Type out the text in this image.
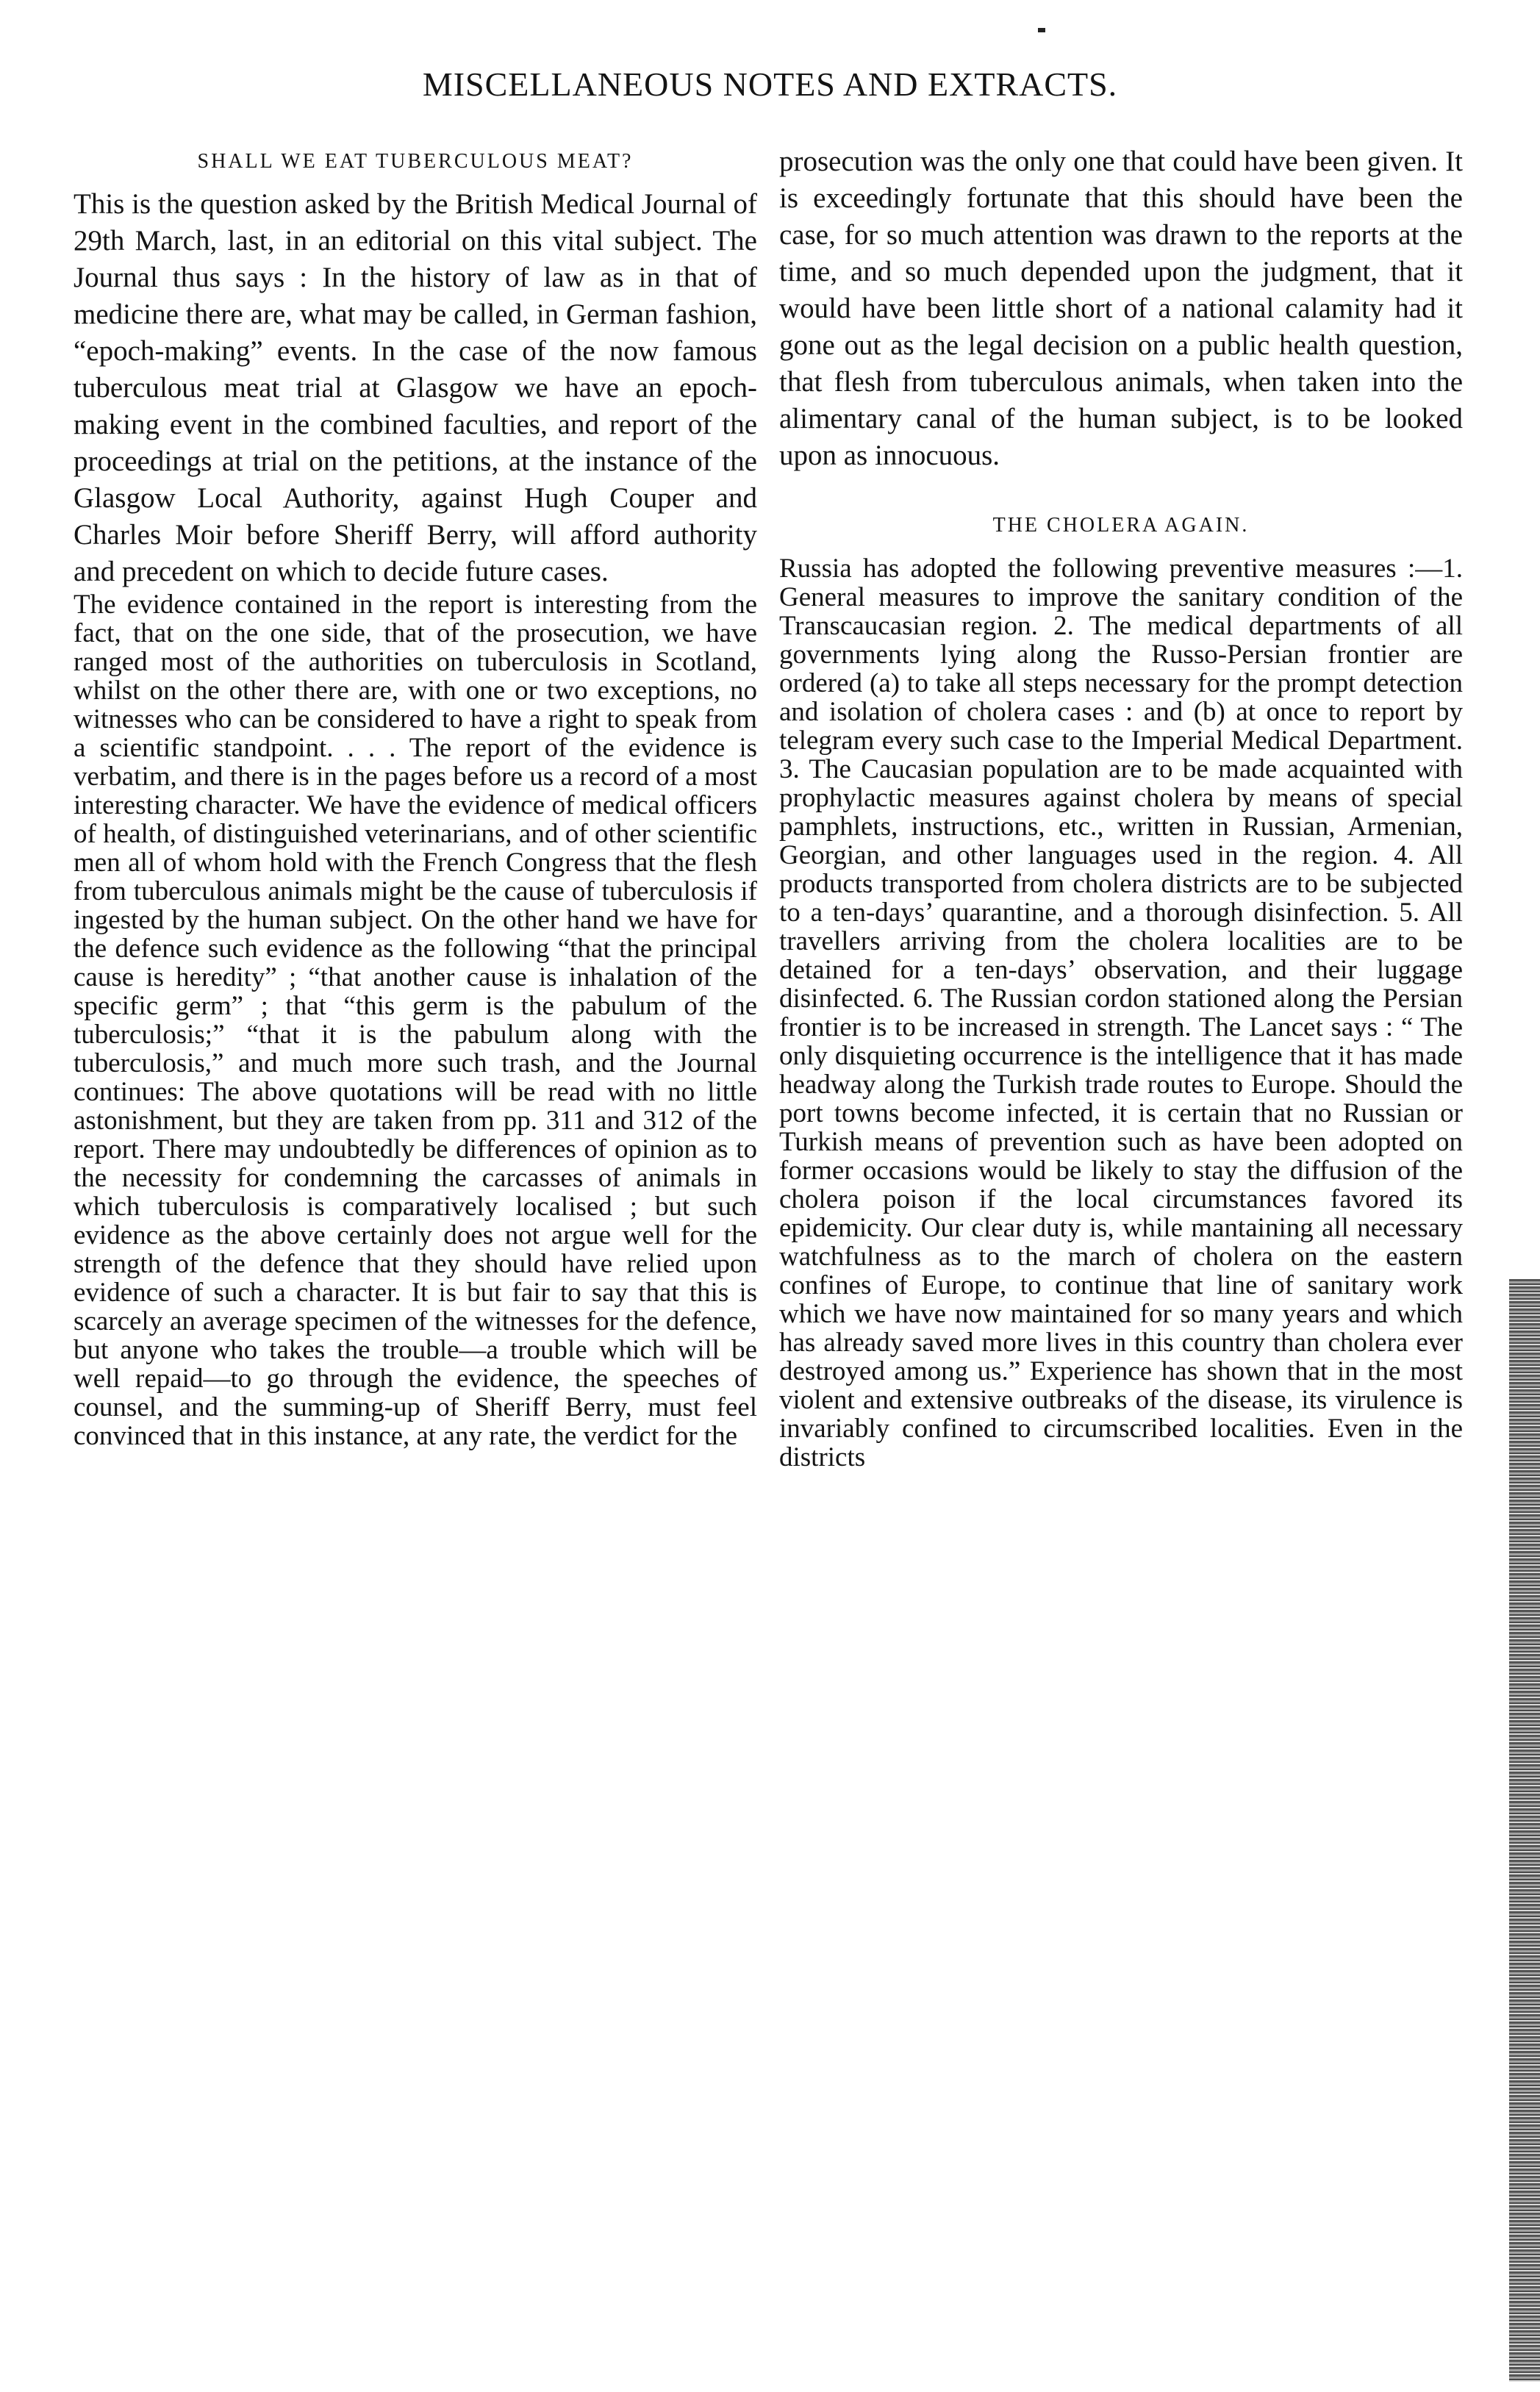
MISCELLANEOUS NOTES AND EXTRACTS.
SHALL WE EAT TUBERCULOUS MEAT?

This is the question asked by the British Medical Journal of 29th March, last, in an editorial on this vital subject. The Journal thus says : In the history of law as in that of medicine there are, what may be called, in German fashion, “epoch-making” events. In the case of the now famous tuberculous meat trial at Glasgow we have an epoch-making event in the combined faculties, and report of the proceedings at trial on the petitions, at the instance of the Glasgow Local Authority, against Hugh Couper and Charles Moir before Sheriff Berry, will afford authority and precedent on which to decide future cases.

The evidence contained in the report is interesting from the fact, that on the one side, that of the prosecution, we have ranged most of the authorities on tuberculosis in Scotland, whilst on the other there are, with one or two exceptions, no witnesses who can be considered to have a right to speak from a scientific standpoint. . . . The report of the evidence is verbatim, and there is in the pages before us a record of a most interesting character. We have the evidence of medical officers of health, of distinguished veterinarians, and of other scientific men all of whom hold with the French Congress that the flesh from tuberculous animals might be the cause of tuberculosis if ingested by the human subject. On the other hand we have for the defence such evidence as the following “that the principal cause is heredity” ; “that another cause is inhalation of the specific germ” ; that “this germ is the pabulum of the tuberculosis;” “that it is the pabulum along with the tuberculosis,” and much more such trash, and the Journal continues: The above quotations will be read with no little astonishment, but they are taken from pp. 311 and 312 of the report. There may undoubtedly be differences of opinion as to the necessity for condemning the carcasses of animals in which tuberculosis is comparatively localised ; but such evidence as the above certainly does not argue well for the strength of the defence that they should have relied upon evidence of such a character. It is but fair to say that this is scarcely an average specimen of the witnesses for the defence, but anyone who takes the trouble—a trouble which will be well repaid—to go through the evidence, the speeches of counsel, and the summing-up of Sheriff Berry, must feel convinced that in this instance, at any rate, the verdict for the

prosecution was the only one that could have been given. It is exceedingly fortunate that this should have been the case, for so much attention was drawn to the reports at the time, and so much depended upon the judgment, that it would have been little short of a national calamity had it gone out as the legal decision on a public health question, that flesh from tuberculous animals, when taken into the alimentary canal of the human subject, is to be looked upon as innocuous.

THE CHOLERA AGAIN.

Russia has adopted the following preventive measures :—1. General measures to improve the sanitary condition of the Transcaucasian region. 2. The medical departments of all governments lying along the Russo-Persian frontier are ordered (a) to take all steps necessary for the prompt detection and isolation of cholera cases : and (b) at once to report by telegram every such case to the Imperial Medical Department. 3. The Caucasian population are to be made acquainted with prophylactic measures against cholera by means of special pamphlets, instructions, etc., written in Russian, Armenian, Georgian, and other languages used in the region. 4. All products transported from cholera districts are to be subjected to a ten-days’ quarantine, and a thorough disinfection. 5. All travellers arriving from the cholera localities are to be detained for a ten-days’ observation, and their luggage disinfected. 6. The Russian cordon stationed along the Persian frontier is to be increased in strength. The Lancet says : “ The only disquieting occurrence is the intelligence that it has made headway along the Turkish trade routes to Europe. Should the port towns become infected, it is certain that no Russian or Turkish means of prevention such as have been adopted on former occasions would be likely to stay the diffusion of the cholera poison if the local circumstances favored its epidemicity. Our clear duty is, while mantaining all necessary watchfulness as to the march of cholera on the eastern confines of Europe, to continue that line of sanitary work which we have now maintained for so many years and which has already saved more lives in this country than cholera ever destroyed among us.” Experience has shown that in the most violent and extensive outbreaks of the disease, its virulence is invariably confined to circumscribed localities. Even in the districts
